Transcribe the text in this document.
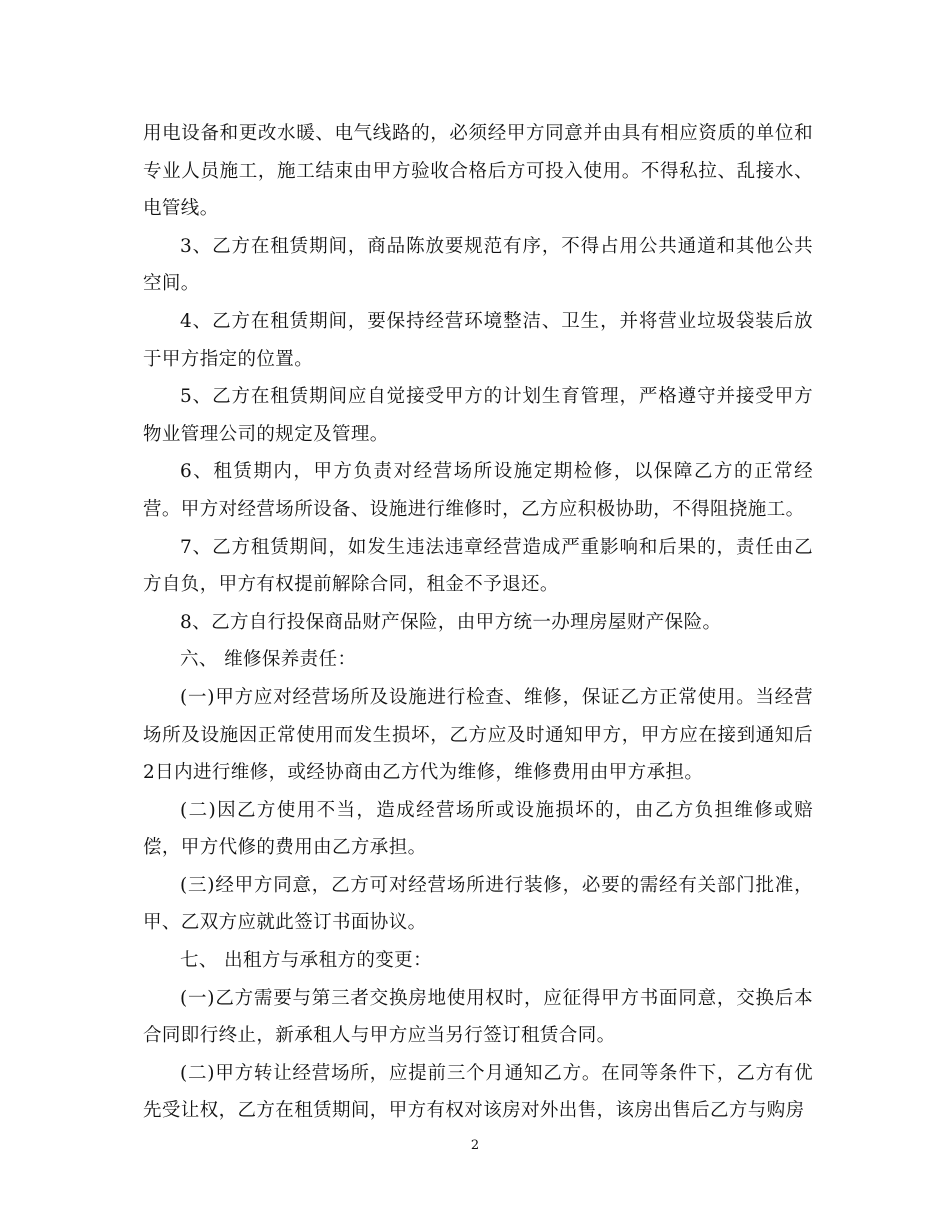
用电设备和更改水暖、电气线路的，必须经甲方同意并由具有相应资质的单位和专业人员施工，施工结束由甲方验收合格后方可投入使用。不得私拉、乱接水、电管线。

3、乙方在租赁期间，商品陈放要规范有序，不得占用公共通道和其他公共空间。

4、乙方在租赁期间，要保持经营环境整洁、卫生，并将营业垃圾袋装后放于甲方指定的位置。

5、乙方在租赁期间应自觉接受甲方的计划生育管理，严格遵守并接受甲方物业管理公司的规定及管理。

6、租赁期内，甲方负责对经营场所设施定期检修，以保障乙方的正常经营。甲方对经营场所设备、设施进行维修时，乙方应积极协助，不得阻挠施工。

7、乙方租赁期间，如发生违法违章经营造成严重影响和后果的，责任由乙方自负，甲方有权提前解除合同，租金不予退还。

8、乙方自行投保商品财产保险，由甲方统一办理房屋财产保险。

六、 维修保养责任：

(一)甲方应对经营场所及设施进行检查、维修，保证乙方正常使用。当经营场所及设施因正常使用而发生损坏，乙方应及时通知甲方，甲方应在接到通知后2日内进行维修，或经协商由乙方代为维修，维修费用由甲方承担。

(二)因乙方使用不当，造成经营场所或设施损坏的，由乙方负担维修或赔偿，甲方代修的费用由乙方承担。

(三)经甲方同意，乙方可对经营场所进行装修，必要的需经有关部门批准，甲、乙双方应就此签订书面协议。

七、 出租方与承租方的变更：

(一)乙方需要与第三者交换房地使用权时，应征得甲方书面同意，交换后本合同即行终止，新承租人与甲方应当另行签订租赁合同。

(二)甲方转让经营场所，应提前三个月通知乙方。在同等条件下，乙方有优先受让权，乙方在租赁期间，甲方有权对该房对外出售，该房出售后乙方与购房

2
